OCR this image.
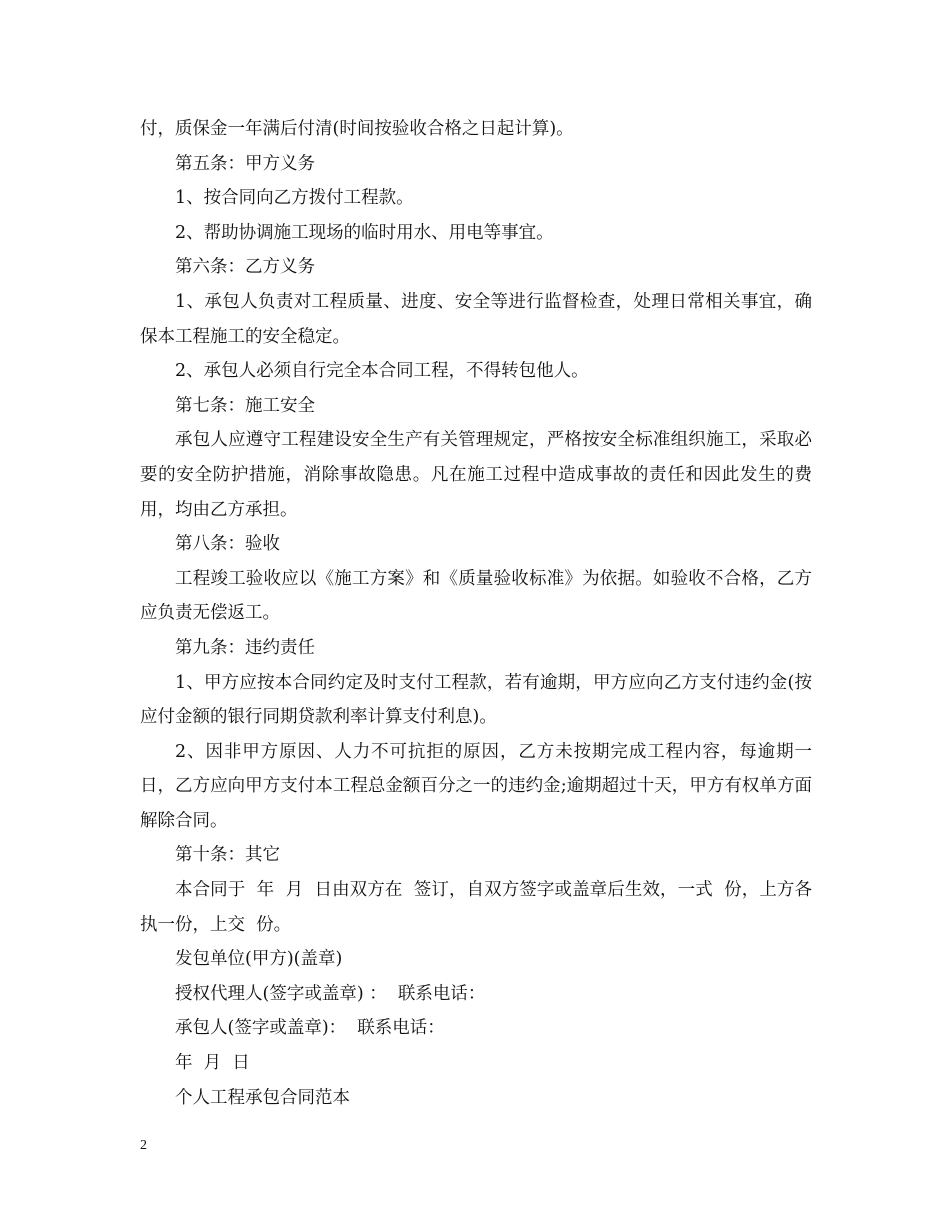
付，质保金一年满后付清(时间按验收合格之日起计算)。

第五条：甲方义务

1、按合同向乙方拨付工程款。

2、帮助协调施工现场的临时用水、用电等事宜。

第六条：乙方义务

1、承包人负责对工程质量、进度、安全等进行监督检查，处理日常相关事宜，确保本工程施工的安全稳定。

2、承包人必须自行完全本合同工程，不得转包他人。

第七条：施工安全

承包人应遵守工程建设安全生产有关管理规定，严格按安全标准组织施工，采取必要的安全防护措施，消除事故隐患。凡在施工过程中造成事故的责任和因此发生的费用，均由乙方承担。

第八条：验收

工程竣工验收应以《施工方案》和《质量验收标准》为依据。如验收不合格，乙方应负责无偿返工。

第九条：违约责任

1、甲方应按本合同约定及时支付工程款，若有逾期，甲方应向乙方支付违约金(按应付金额的银行同期贷款利率计算支付利息)。

2、因非甲方原因、人力不可抗拒的原因，乙方未按期完成工程内容，每逾期一日，乙方应向甲方支付本工程总金额百分之一的违约金;逾期超过十天，甲方有权单方面解除合同。

第十条：其它

本合同于  年  月  日由双方在  签订，自双方签字或盖章后生效，一式  份，上方各执一份，上交  份。

发包单位(甲方)(盖章)

授权代理人(签字或盖章) ：  联系电话：

承包人(签字或盖章)：  联系电话：

年  月  日

个人工程承包合同范本

2
